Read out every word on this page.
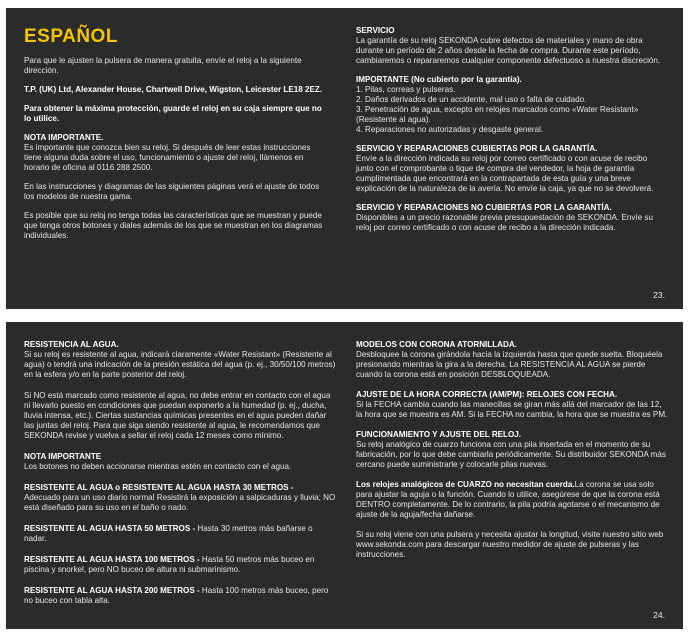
ESPAÑOL

Para que le ajusten la pulsera de manera gratuita, envíe el reloj a la siguiente dirección.

T.P. (UK) Ltd, Alexander House, Chartwell Drive, Wigston, Leicester LE18 2EZ.

Para obtener la máxima protección, guarde el reloj en su caja siempre que no lo utilice.

NOTA IMPORTANTE.
Es importante que conozca bien su reloj. Si después de leer estas instrucciones tiene alguna duda sobre el uso, funcionamiento o ajuste del reloj, llámenos en horario de oficina al 0116 288 2500.

En las instrucciones y diagramas de las siguientes páginas verá el ajuste de todos los modelos de nuestra gama.

Es posible que su reloj no tenga todas las características que se muestran y puede que tenga otros botones y diales además de los que se muestran en los diagramas individuales.

SERVICIO
La garantía de su reloj SEKONDA cubre defectos de materiales y mano de obra durante un período de 2 años desde la fecha de compra. Durante este período, cambiaremos o repararemos cualquier componente defectuoso a nuestra discreción.

IMPORTANTE (No cubierto por la garantía).
1. Pilas, correas y pulseras.
2. Daños derivados de un accidente, mal uso o falta de cuidado.
3. Penetración de agua, excepto en relojes marcados como «Water Resistant» (Resistente al agua).
4. Reparaciones no autorizadas y desgaste general.

SERVICIO Y REPARACIONES CUBIERTAS POR LA GARANTÍA.
Envíe a la dirección indicada su reloj por correo certificado o con acuse de recibo junto con el comprobante o tique de compra del vendedor, la hoja de garantía cumplimentada que encontrará en la contrapartada de esta guía y una breve explicación de la naturaleza de la avería. No envíe la caja, ya que no se devolverá.

SERVICIO Y REPARACIONES NO CUBIERTAS POR LA GARANTÍA.
Disponibles a un precio razonable previa presupuestación de SEKONDA. Envíe su reloj por correo certificado o con acuse de recibo a la dirección indicada.

23.

RESISTENCIA AL AGUA.
Si su reloj es resistente al agua, indicará claramente «Water Resistant» (Resistente al agua) o tendrá una indicación de la presión estática del agua (p. ej., 30/50/100 metros) en la esfera y/o en la parte posterior del reloj.

Si NO está marcado como resistente al agua, no debe entrar en contacto con el agua ni llevarlo puesto en condiciones que puedan exponerlo a la humedad (p. ej., ducha, lluvia intensa, etc.). Ciertas sustancias químicas presentes en el agua pueden dañar las juntas del reloj. Para que siga siendo resistente al agua, le recomendamos que SEKONDA revise y vuelva a sellar el reloj cada 12 meses como mínimo.

NOTA IMPORTANTE
Los botones no deben accionarse mientras estén en contacto con el agua.

RESISTENTE AL AGUA o RESISTENTE AL AGUA HASTA 30 METROS -
Adecuado para un uso diario normal Resistirá la exposición a salpicaduras y lluvia; NO está diseñado para su uso en el baño o nado.

RESISTENTE AL AGUA HASTA 50 METROS - Hasta 30 metros más bañarse o nadar.

RESISTENTE AL AGUA HASTA 100 METROS - Hasta 50 metros más buceo en piscina y snorkel, pero NO buceo de altura ni submarinismo.

RESISTENTE AL AGUA HASTA 200 METROS - Hasta 100 metros más buceo, pero no buceo con tabla alta.

MODELOS CON CORONA ATORNILLADA.
Desbloquee la corona girándola hacia la izquierda hasta que quede suelta. Bloquéela presionando mientras la gira a la derecha. La RESISTENCIA AL AGUA se pierde cuando la corona está en posición DESBLOQUEADA.

AJUSTE DE LA HORA CORRECTA (AM/PM): RELOJES CON FECHA.
Si la FECHA cambia cuando las manecillas se giran más allá del marcador de las 12, la hora que se muestra es AM. Si la FECHA no cambia, la hora que se muestra es PM.

FUNCIONAMIENTO Y AJUSTE DEL RELOJ.
Su reloj analógico de cuarzo funciona con una pila insertada en el momento de su fabricación, por lo que debe cambiarla periódicamente. Su distribuidor SEKONDA más cercano puede suministrarle y colocarle pilas nuevas.

Los relojes analógicos de CUARZO no necesitan cuerda.La corona se usa solo para ajustar la aguja o la función. Cuando lo utilice, asegúrese de que la corona está DENTRO completamente. De lo contrario, la pila podría agotarse o el mecanismo de ajuste de la aguja/fecha dañarse.

Si su reloj viene con una pulsera y necesita ajustar la longitud, visite nuestro sitio web www.sekonda.com para descargar nuestro medidor de ajuste de pulseras y las instrucciones.

24.
